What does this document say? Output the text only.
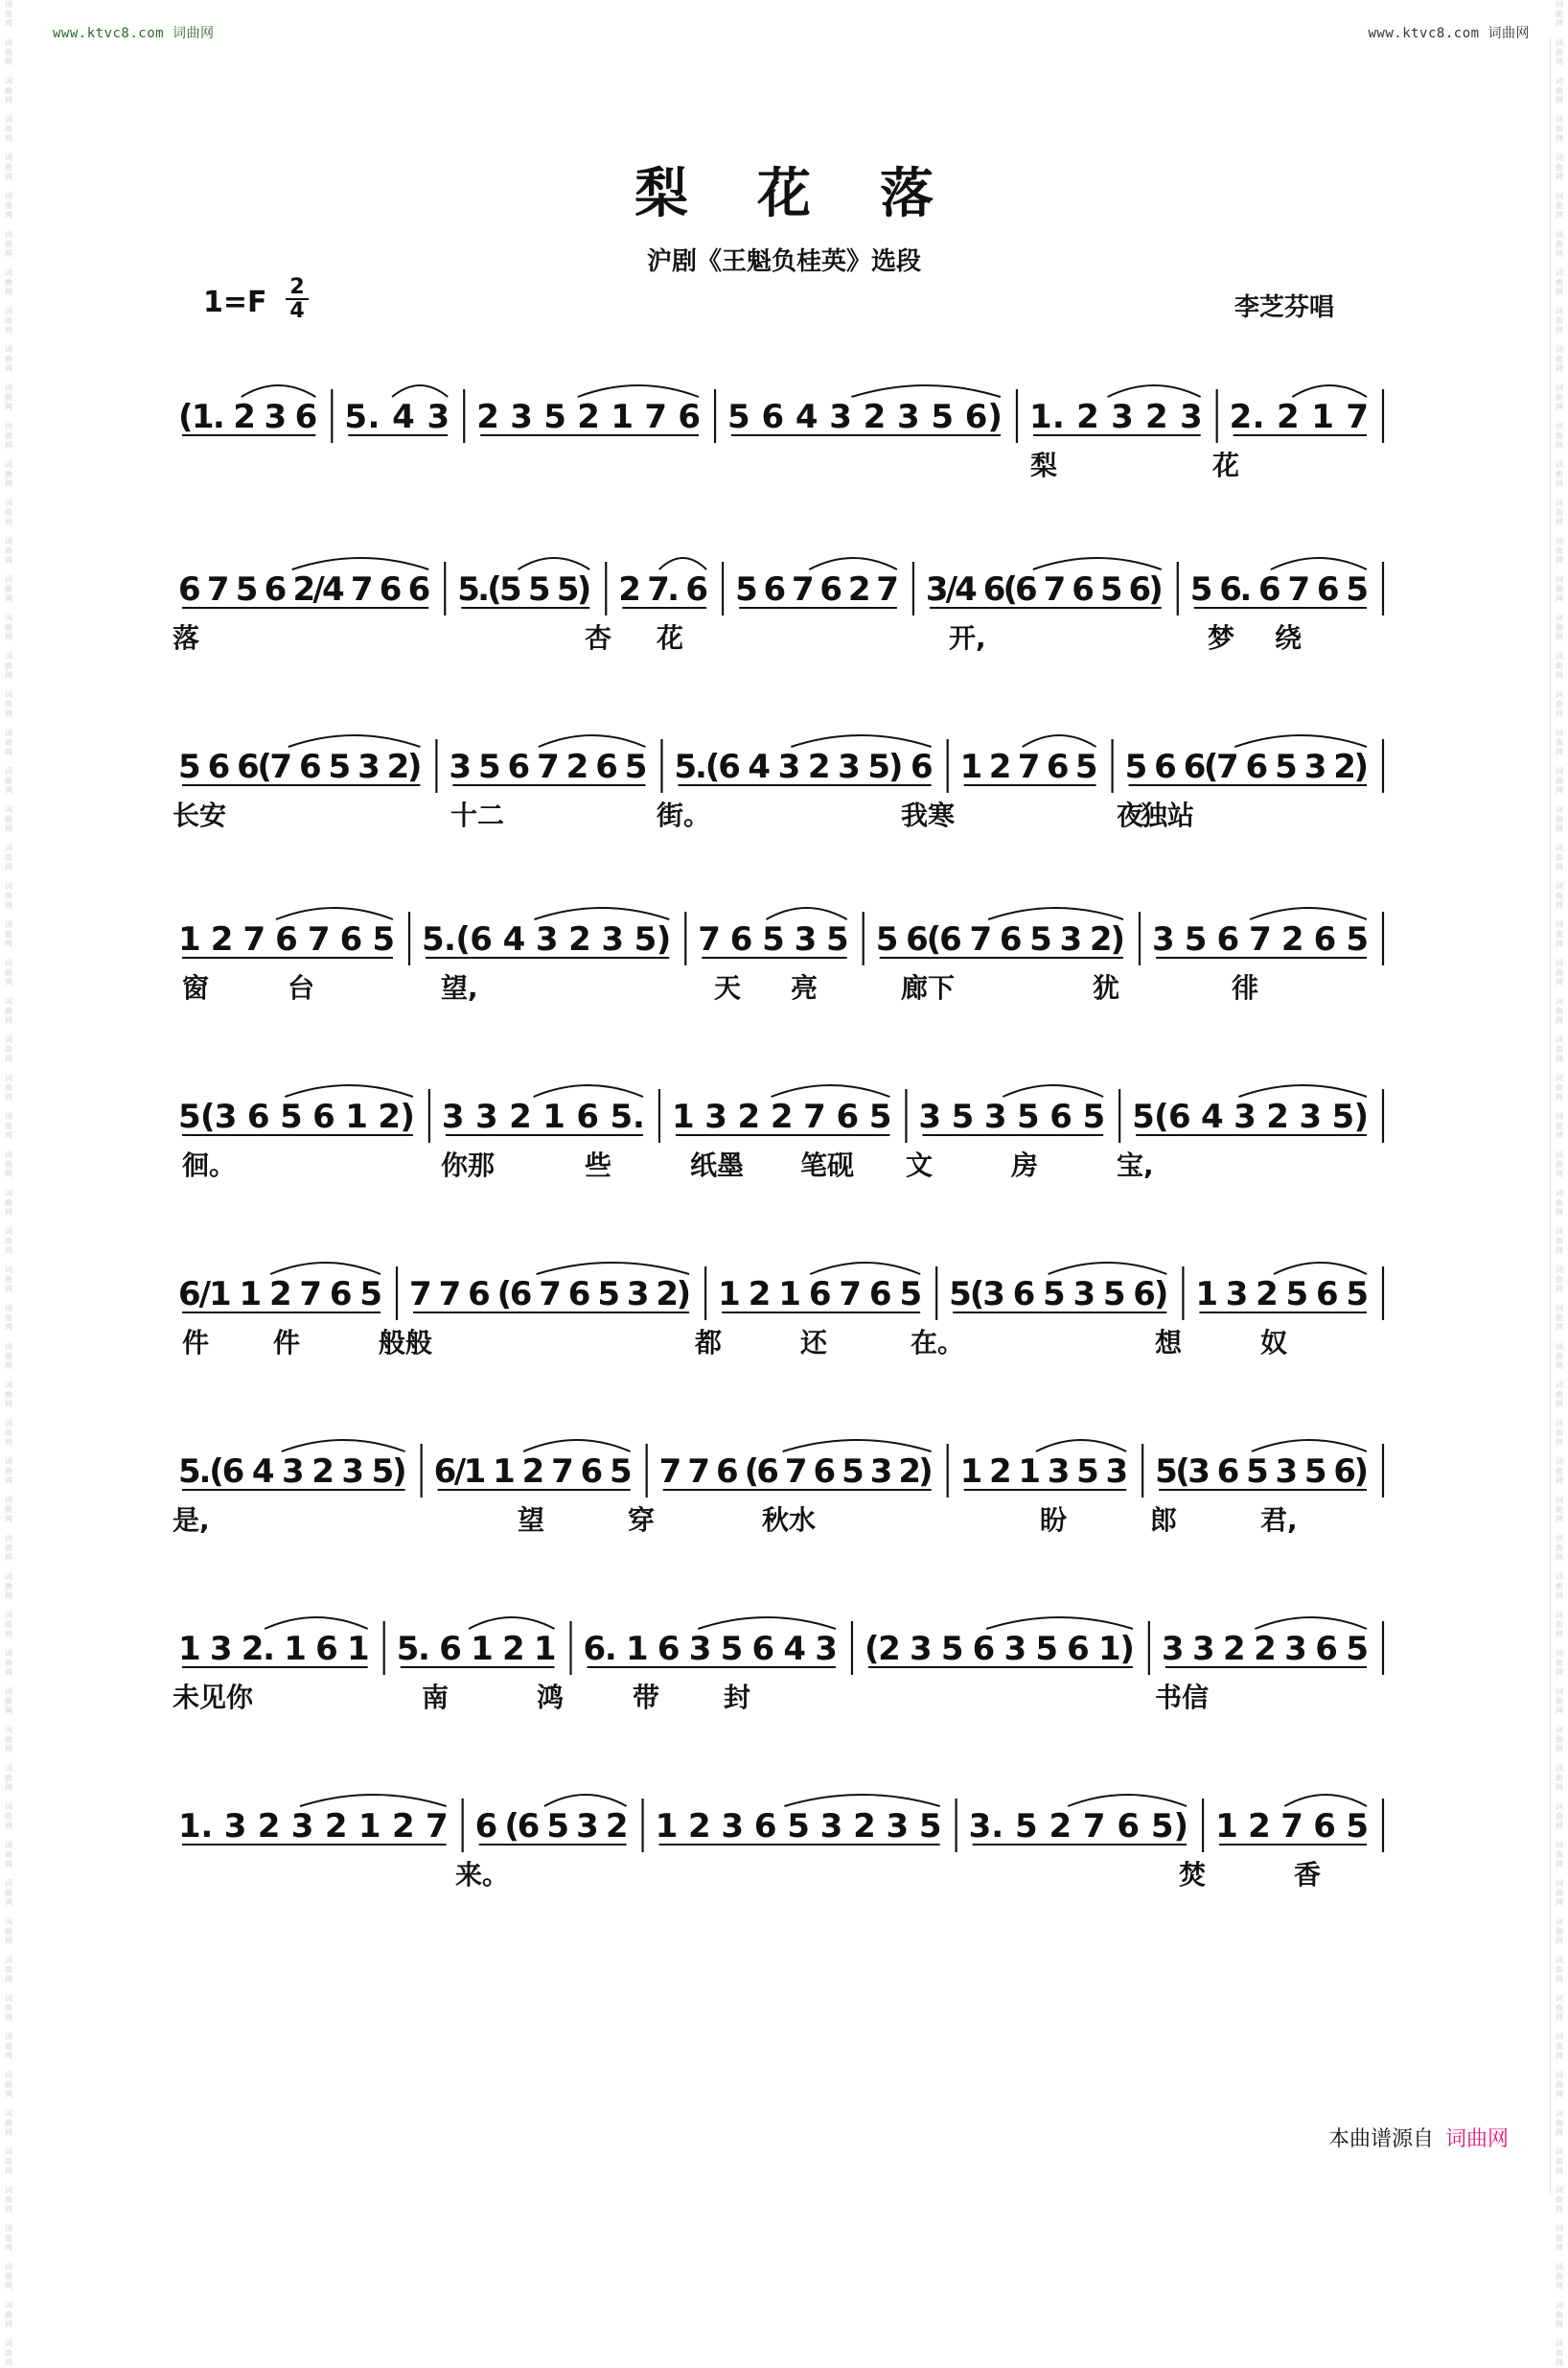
www.ktvc8.com 词曲网	www.ktvc8.com 词曲网
词
曲
网

词
曲
网

词
曲
网

词
曲
网

词
曲
网

词
曲
网

词
曲
网

词
曲
网

词
曲
网

词
曲
网

词
曲
网

词
曲
网

词
曲
网

词
曲
网

词
曲
网

词
曲
网

词
曲
网

词
曲
网

词
曲
网

词
曲
网

词
曲
网

词
曲
网

词
曲
网

词
曲
网

词
曲
网

词
曲
网

词
曲
网

词
曲
网

词
曲
网

词
曲
网

词
曲
网

词
曲
网

词
曲
网

词
曲
网

词
曲
网

词
曲
网

词
曲
网

词
曲
网

词
曲
网

词
曲
网

词
曲
网

词
曲
网

词
曲
网

词
曲
网

词
曲
网

词
曲
网

词
曲
网

词
曲
网

词
曲
网

词
曲
网

词
曲
网

词
曲
网

词
曲
网

词
曲
网

词
曲
网

词
曲
网

词
曲
网

词
曲
网

词
曲
网

词
曲
网

词
曲
网

词
曲
网

词
曲
网

词
曲
网

词
曲
网

词
曲
网

词
曲
网

词
曲
网

词
曲
网

词
曲
网

词
曲
网

词
曲
网

词
曲
网

词
曲
网

词
曲
网

词
曲
网

词
曲
网

词
曲
网

词
曲
网

词
曲
网

词
曲
网

词
曲
网

词
曲
网

词
曲
网

词
曲
网

词
曲
网

词
曲
网

词
曲
网

词
曲
网

词
曲
网

词
曲
网

词
曲
网

词
曲
网

词
曲
网

词
曲
网

词
曲
网

词
曲
网

词
曲
网

词
曲
网

词
曲
网

词
曲
网

词
曲
网

词
曲
网

词
曲
网

词
曲
网

词
曲
网

词
曲
网

词
曲
网

词
曲
网

词
曲
网

词
曲
网

词
曲
网

词
曲
网

词
曲
网

词
曲
网

词
曲
网

词
曲
网

词
曲
网

词
曲
网

词
曲
网

词
曲
网

词
曲
网

词
曲
网

词
曲
网

梨花落
沪剧《王魁负桂英》选段
$1=F \frac{2}{4}$	李芝芬唱
(1. 2 3 6 5. 4 3 2 3 5 2 1 7 6 5 6 4 3 2 3 5 6) 1. 2 3 2 3 2. 2 1 7
梨	花
6 7 5 6 2/4 7 6 6 5.(5 5 5) 2 7. 6 5 6 7 6 2 7 3/4 6(6 7 6 5 6) 5 6. 6 7 6 5
落	杏 花	开,	梦 绕
5 6 6(7 6 5 3 2) 3 5 6 7 2 6 5 5.(6 4 3 2 3 5) 6 1 2 7 6 5 5 6 6(7 6 5 3 2)
长安	十二	街。	我寒	夜
独站
1 2 7 6 7 6 5 5.(6 4 3 2 3 5) 7 6 5 3 5 5 6(6 7 6 5 3 2) 3 5 6 7 2 6 5
窗	台	望,	天 亮	廊下	犹	徘
5(3 6 5 6 1 2) 3 3 2 1 6 5. 1 3 2 2 7 6 5 3 5 3 5 6 5 5(6 4 3 2 3 5)
徊。	你那	些	纸墨 笔砚 文	房	宝,
6/1 1 2 7 6 5 7 7 6 (6 7 6 5 3 2) 1 2 1 6 7 6 5 5(3 6 5 3 5 6) 1 3 2 5 6 5
件 件	般般	都	还	在。	想	奴
5.(6 4 3 2 3 5) 6/1 1 2 7 6 5 7 7 6 (6 7 6 5 3 2) 1 2 1 3 5 3 5(3 6 5 3 5 6)
是,	望	穿	秋水	盼	郎	君,
1 3 2. 1 6 1 5. 6 1 2 1 6. 1 6 3 5 6 4 3 (2 3 5 6 3 5 6 1) 3 3 2 2 3 6 5
未见你	南	鸿	带 封	书信
1. 3 2 3 2 1 2 7 6 (6 5 3 2 1 2 3 6 5 3 2 3 5 3. 5 2 7 6 5) 1 2 7 6 5
来。	焚	香
本曲谱源自 词曲网
